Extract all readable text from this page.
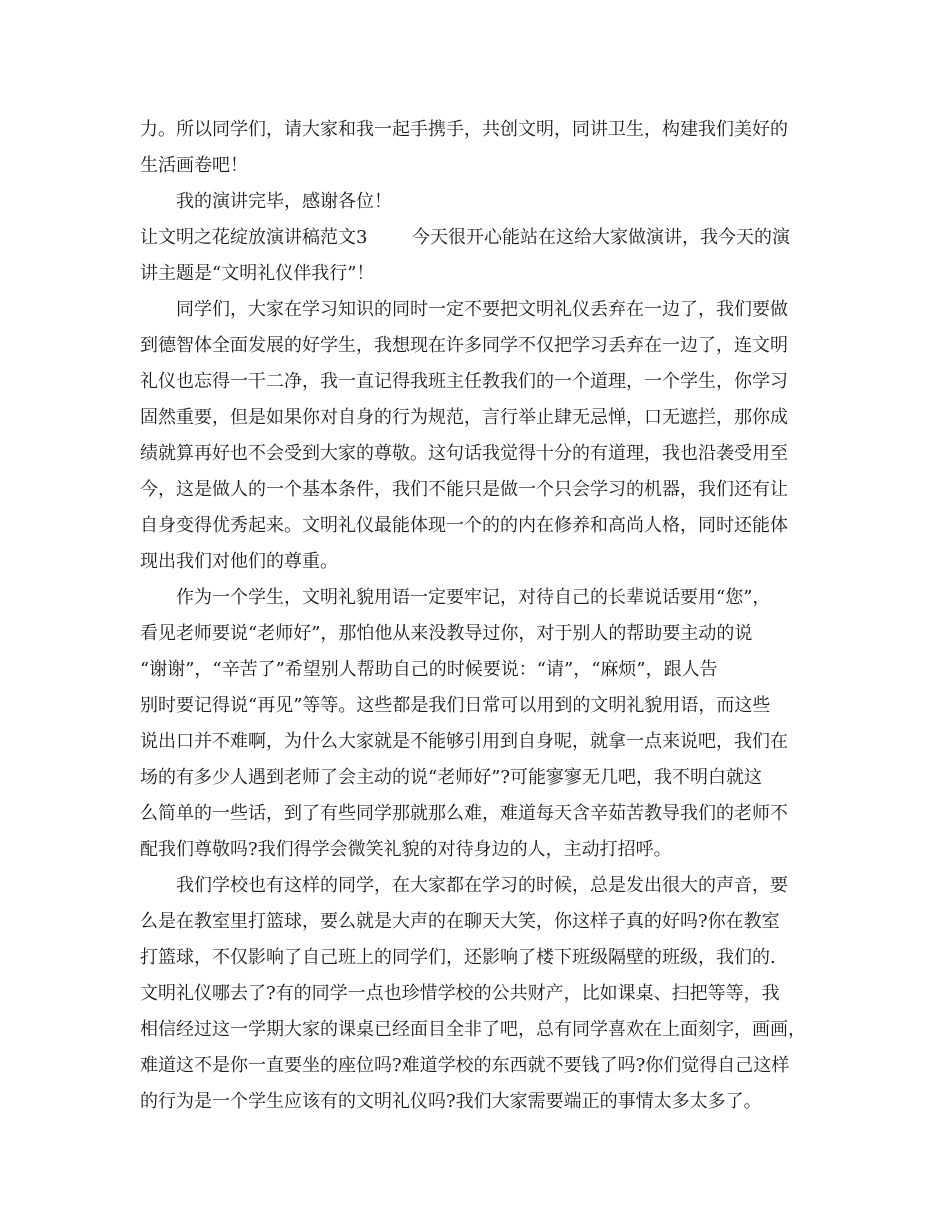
力。所以同学们，请大家和我一起手携手，共创文明，同讲卫生，构建我们美好的
生活画卷吧！
我的演讲完毕，感谢各位！
让文明之花绽放演讲稿范文3	今天很开心能站在这给大家做演讲，我今天的演
讲主题是“文明礼仪伴我行”！
同学们，大家在学习知识的同时一定不要把文明礼仪丢弃在一边了，我们要做
到德智体全面发展的好学生，我想现在许多同学不仅把学习丢弃在一边了，连文明
礼仪也忘得一干二净，我一直记得我班主任教我们的一个道理，一个学生，你学习
固然重要，但是如果你对自身的行为规范，言行举止肆无忌惮，口无遮拦，那你成
绩就算再好也不会受到大家的尊敬。这句话我觉得十分的有道理，我也沿袭受用至
今，这是做人的一个基本条件，我们不能只是做一个只会学习的机器，我们还有让
自身变得优秀起来。文明礼仪最能体现一个的的内在修养和高尚人格，同时还能体
现出我们对他们的尊重。
作为一个学生，文明礼貌用语一定要牢记，对待自己的长辈说话要用“您”，
看见老师要说“老师好”，那怕他从来没教导过你，对于别人的帮助要主动的说
“谢谢”，“辛苦了”希望别人帮助自己的时候要说：“请”，“麻烦”，跟人告
别时要记得说“再见”等等。这些都是我们日常可以用到的文明礼貌用语，而这些
说出口并不难啊，为什么大家就是不能够引用到自身呢，就拿一点来说吧，我们在
场的有多少人遇到老师了会主动的说“老师好”?可能寥寥无几吧，我不明白就这
么简单的一些话，到了有些同学那就那么难，难道每天含辛茹苦教导我们的老师不
配我们尊敬吗?我们得学会微笑礼貌的对待身边的人，主动打招呼。
我们学校也有这样的同学，在大家都在学习的时候，总是发出很大的声音，要
么是在教室里打篮球，要么就是大声的在聊天大笑，你这样子真的好吗?你在教室
打篮球，不仅影响了自己班上的同学们，还影响了楼下班级隔壁的班级，我们的.
文明礼仪哪去了?有的同学一点也珍惜学校的公共财产，比如课桌、扫把等等，我
相信经过这一学期大家的课桌已经面目全非了吧，总有同学喜欢在上面刻字，画画，
难道这不是你一直要坐的座位吗?难道学校的东西就不要钱了吗?你们觉得自己这样
的行为是一个学生应该有的文明礼仪吗?我们大家需要端正的事情太多太多了。
